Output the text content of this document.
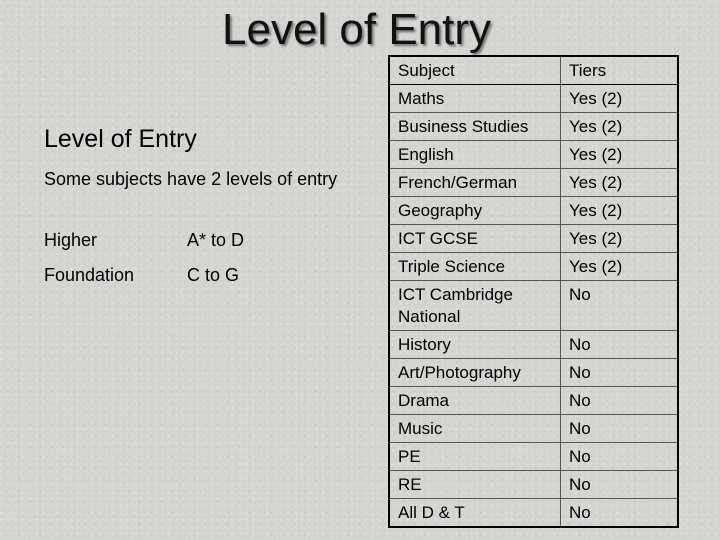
Level of Entry
Level of Entry
Some subjects have 2 levels of entry
Higher	A* to D
Foundation	C to G
Subject	Tiers
Maths	Yes (2)
Business Studies	Yes (2)
English	Yes (2)
French/German	Yes (2)
Geography	Yes (2)
ICT GCSE	Yes (2)
Triple Science	Yes (2)
ICT Cambridge National	No
History	No
Art/Photography	No
Drama	No
Music	No
PE	No
RE	No
All D & T	No
